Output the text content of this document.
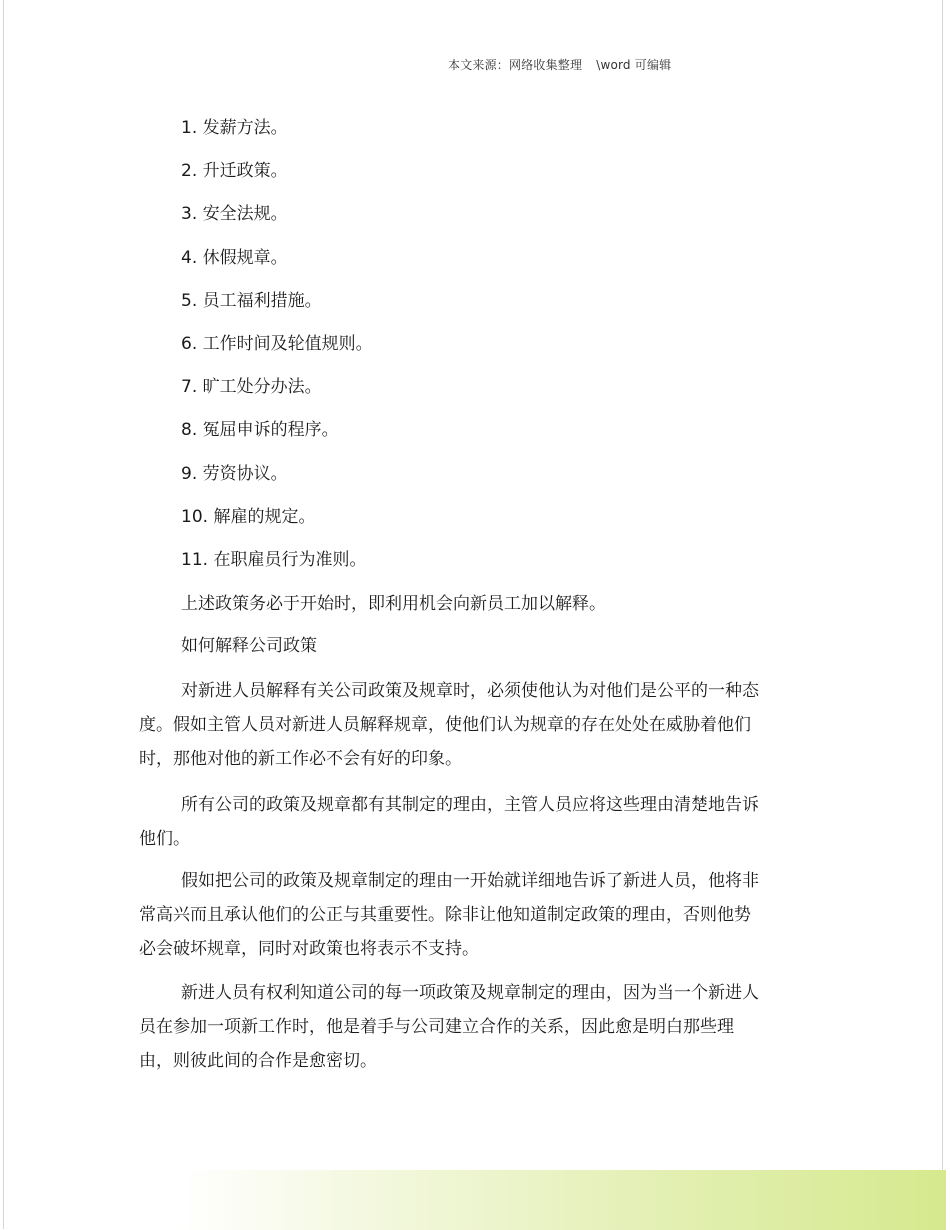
本文来源：网络收集整理 \word 可编辑
1. 发薪方法。
2. 升迁政策。
3. 安全法规。
4. 休假规章。
5. 员工福利措施。
6. 工作时间及轮值规则。
7. 旷工处分办法。
8. 冤屈申诉的程序。
9. 劳资协议。
10. 解雇的规定。
11. 在职雇员行为准则。
上述政策务必于开始时，即利用机会向新员工加以解释。
如何解释公司政策

对新进人员解释有关公司政策及规章时，必须使他认为对他们是公平的一种态度。假如主管人员对新进人员解释规章，使他们认为规章的存在处处在威胁着他们时，那他对他的新工作必不会有好的印象。

所有公司的政策及规章都有其制定的理由，主管人员应将这些理由清楚地告诉他们。

假如把公司的政策及规章制定的理由一开始就详细地告诉了新进人员，他将非常高兴而且承认他们的公正与其重要性。除非让他知道制定政策的理由，否则他势必会破坏规章，同时对政策也将表示不支持。

新进人员有权利知道公司的每一项政策及规章制定的理由，因为当一个新进人员在参加一项新工作时，他是着手与公司建立合作的关系，因此愈是明白那些理由，则彼此间的合作是愈密切。
